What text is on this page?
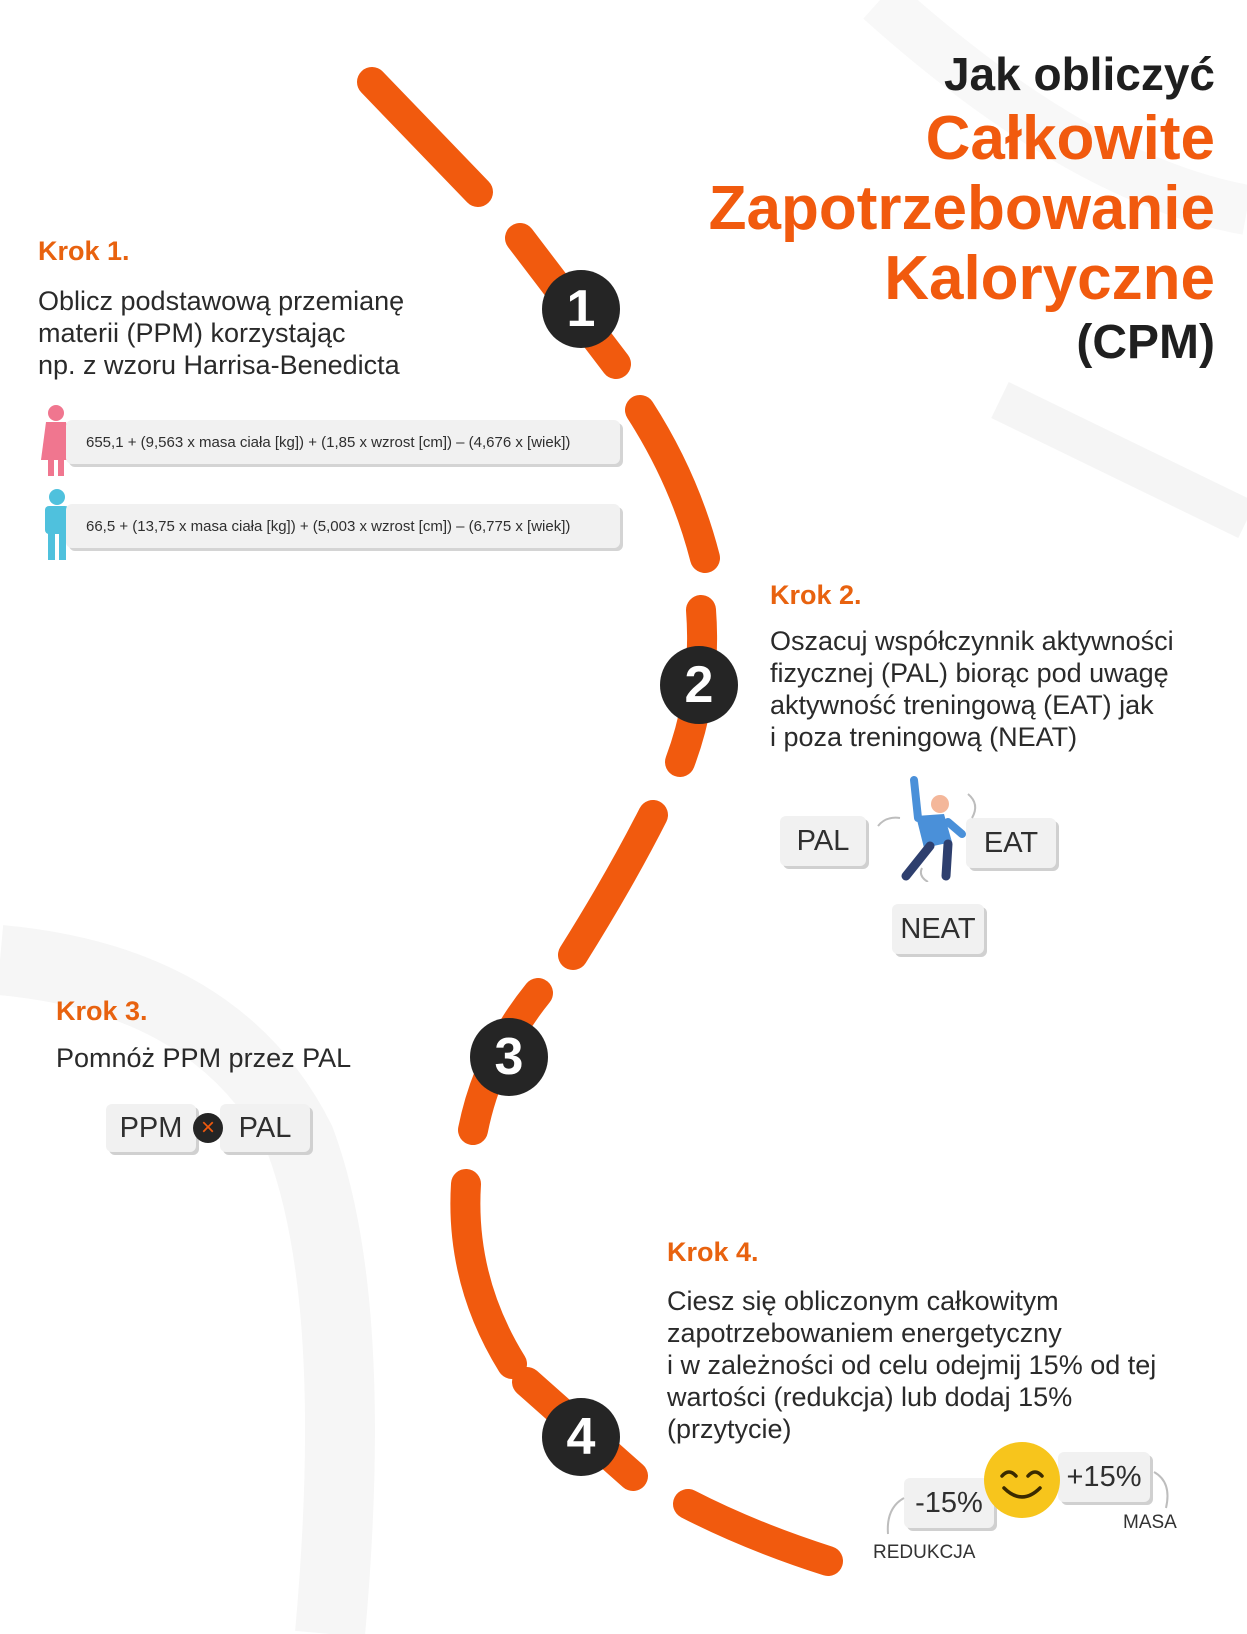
Jak obliczyć
Całkowite
Zapotrzebowanie
Kaloryczne
(CPM)
1
Krok 1.
Oblicz podstawową przemianę
materii (PPM) korzystając
np. z wzoru Harrisa-Benedicta
655,1 + (9,563 x masa ciała [kg]) + (1,85 x wzrost [cm]) – (4,676 x [wiek])
66,5 + (13,75 x masa ciała [kg]) + (5,003 x wzrost [cm]) – (6,775 x [wiek])
2
Krok 2.
Oszacuj współczynnik aktywności
fizycznej (PAL) biorąc pod uwagę
aktywność treningową (EAT) jak
i poza treningową (NEAT)
PAL	EAT
NEAT
3
Krok 3.
Pomnóż PPM przez PAL
PPM	PAL
×
4
Krok 4.
Ciesz się obliczonym całkowitym
zapotrzebowaniem energetyczny
i w zależności od celu odejmij 15% od tej
wartości (redukcja) lub dodaj 15%
(przytycie)
-15%
+15%
REDUKCJA
MASA
